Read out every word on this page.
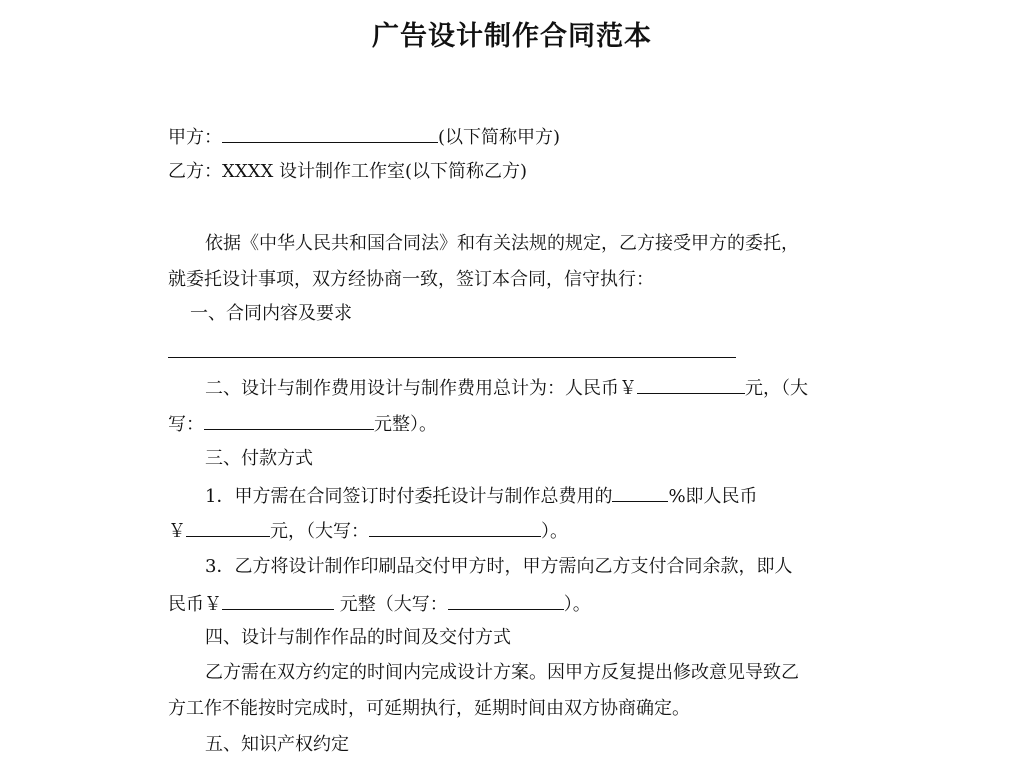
广告设计制作合同范本
甲方：	(以下简称甲方)
乙方：XXXX 设计制作工作室(以下简称乙方)
依据《中华人民共和国合同法》和有关法规的规定，乙方接受甲方的委托，
就委托设计事项，双方经协商一致，签订本合同，信守执行：
一、合同内容及要求
二、设计与制作费用设计与制作费用总计为：人民币￥	元，（大
写：	元整）。
三、付款方式
1．甲方需在合同签订时付委托设计与制作总费用的	%即人民币
￥	元，（大写：	）。
3．乙方将设计制作印刷品交付甲方时，甲方需向乙方支付合同余款，即人
民币￥	元整（大写：	）。
四、设计与制作作品的时间及交付方式
乙方需在双方约定的时间内完成设计方案。因甲方反复提出修改意见导致乙
方工作不能按时完成时，可延期执行，延期时间由双方协商确定。
五、知识产权约定
